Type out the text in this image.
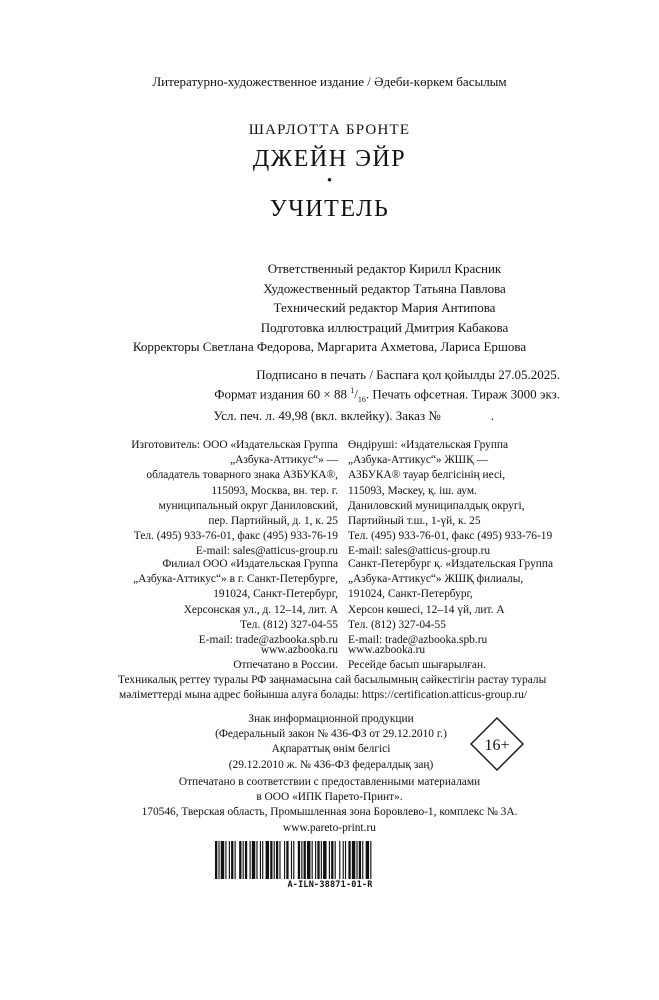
Литературно-художественное издание / Әдеби-көркем басылым
ШАРЛОТТА БРОНТЕ
ДЖЕЙН ЭЙР
•
УЧИТЕЛЬ
Ответственный редактор Кирилл Красник
Художественный редактор Татьяна Павлова
Технический редактор Мария Антипова
Подготовка иллюстраций Дмитрия Кабакова
Корректоры Светлана Федорова, Маргарита Ахметова, Лариса Ершова
Подписано в печать / Баспаға қол қойылды 27.05.2025.
Формат издания 60 × 88 $^1/_{16}$. Печать офсетная. Тираж 3000 экз.
Усл. печ. л. 49,98 (вкл. вклейку). Заказ №	.
Изготовитель: ООО «Издательская Группа
„Азбука-Аттикус“» —
обладатель товарного знака АЗБУКА®,
115093, Москва, вн. тер. г.
муниципальный округ Даниловский,
пер. Партийный, д. 1, к. 25
Тел. (495) 933-76-01, факс (495) 933-76-19
E-mail: sales@atticus-group.ru
Өндіруші: «Издательская Группа
„Азбука-Аттикус“» ЖШҚ —
АЗБУКА® тауар белгісінің иесі,
115093, Мәскеу, қ. іш. аум.
Даниловский муниципалдық округі,
Партийный т.ш., 1-үй, к. 25
Тел. (495) 933-76-01, факс (495) 933-76-19
E-mail: sales@atticus-group.ru
Филиал ООО «Издательская Группа
„Азбука-Аттикус“» в г. Санкт-Петербурге,
191024, Санкт-Петербург,
Херсонская ул., д. 12–14, лит. А
Тел. (812) 327-04-55
E-mail: trade@azbooka.spb.ru
Санкт-Петербург қ. «Издательская Группа
„Азбука-Аттикус“» ЖШҚ филиалы,
191024, Санкт-Петербург,
Херсон көшесі, 12–14 үй, лит. А
Тел. (812) 327-04-55
E-mail: trade@azbooka.spb.ru
www.azbooka.ru
Отпечатано в России.
www.azbooka.ru
Ресейде басып шығарылған.
Техникалық реттеу туралы РФ заңнамасына сай басылымның сәйкестігін растау туралы
мәліметтерді мына адрес бойынша алуға болады: https://certification.atticus-group.ru/
Знак информационной продукции
(Федеральный закон № 436-ФЗ от 29.12.2010 г.)
Ақпараттық өнім белгісі
(29.12.2010 ж. № 436-ФЗ федералдық заң)
16+
Отпечатано в соответствии с предоставленными материалами
в ООО «ИПК Парето-Принт».
170546, Тверская область, Промышленная зона Боровлево-1, комплекс № 3А.
www.pareto-print.ru
A-ILN-38871-01-R
